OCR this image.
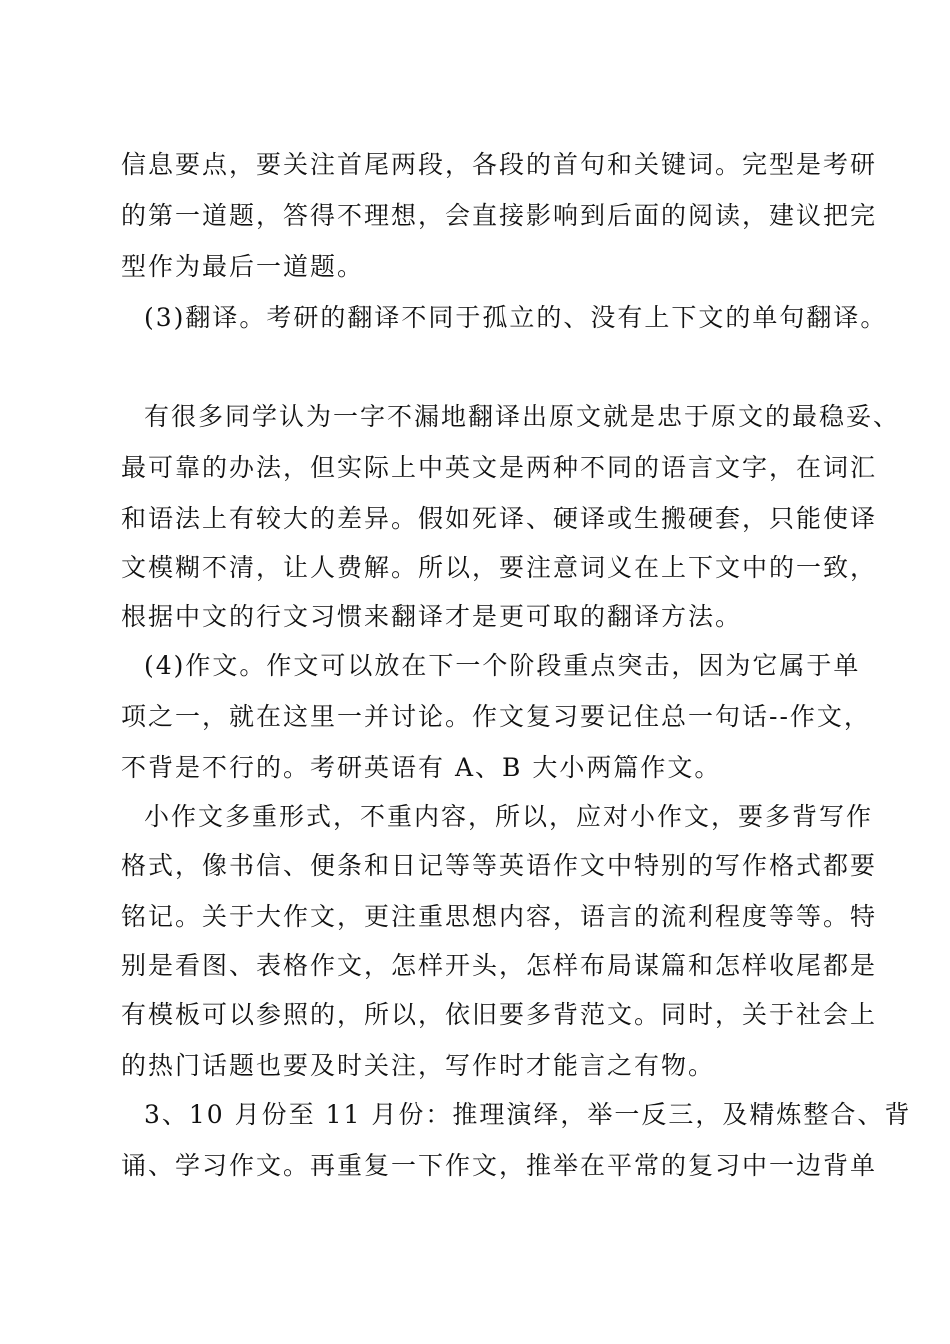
信息要点，要关注首尾两段，各段的首句和关键词。完型是考研
的第一道题，答得不理想，会直接影响到后面的阅读，建议把完
型作为最后一道题。
(3)翻译。考研的翻译不同于孤立的、没有上下文的单句翻译。
有很多同学认为一字不漏地翻译出原文就是忠于原文的最稳妥、
最可靠的办法，但实际上中英文是两种不同的语言文字，在词汇
和语法上有较大的差异。假如死译、硬译或生搬硬套，只能使译
文模糊不清，让人费解。所以，要注意词义在上下文中的一致，
根据中文的行文习惯来翻译才是更可取的翻译方法。
(4)作文。作文可以放在下一个阶段重点突击，因为它属于单
项之一，就在这里一并讨论。作文复习要记住总一句话--作文，
不背是不行的。考研英语有 A、B 大小两篇作文。
小作文多重形式，不重内容，所以，应对小作文，要多背写作
格式，像书信、便条和日记等等英语作文中特别的写作格式都要
铭记。关于大作文，更注重思想内容，语言的流利程度等等。特
别是看图、表格作文，怎样开头，怎样布局谋篇和怎样收尾都是
有模板可以参照的，所以，依旧要多背范文。同时，关于社会上
的热门话题也要及时关注，写作时才能言之有物。
3、10 月份至 11 月份：推理演绎，举一反三，及精炼整合、背
诵、学习作文。再重复一下作文，推举在平常的复习中一边背单
